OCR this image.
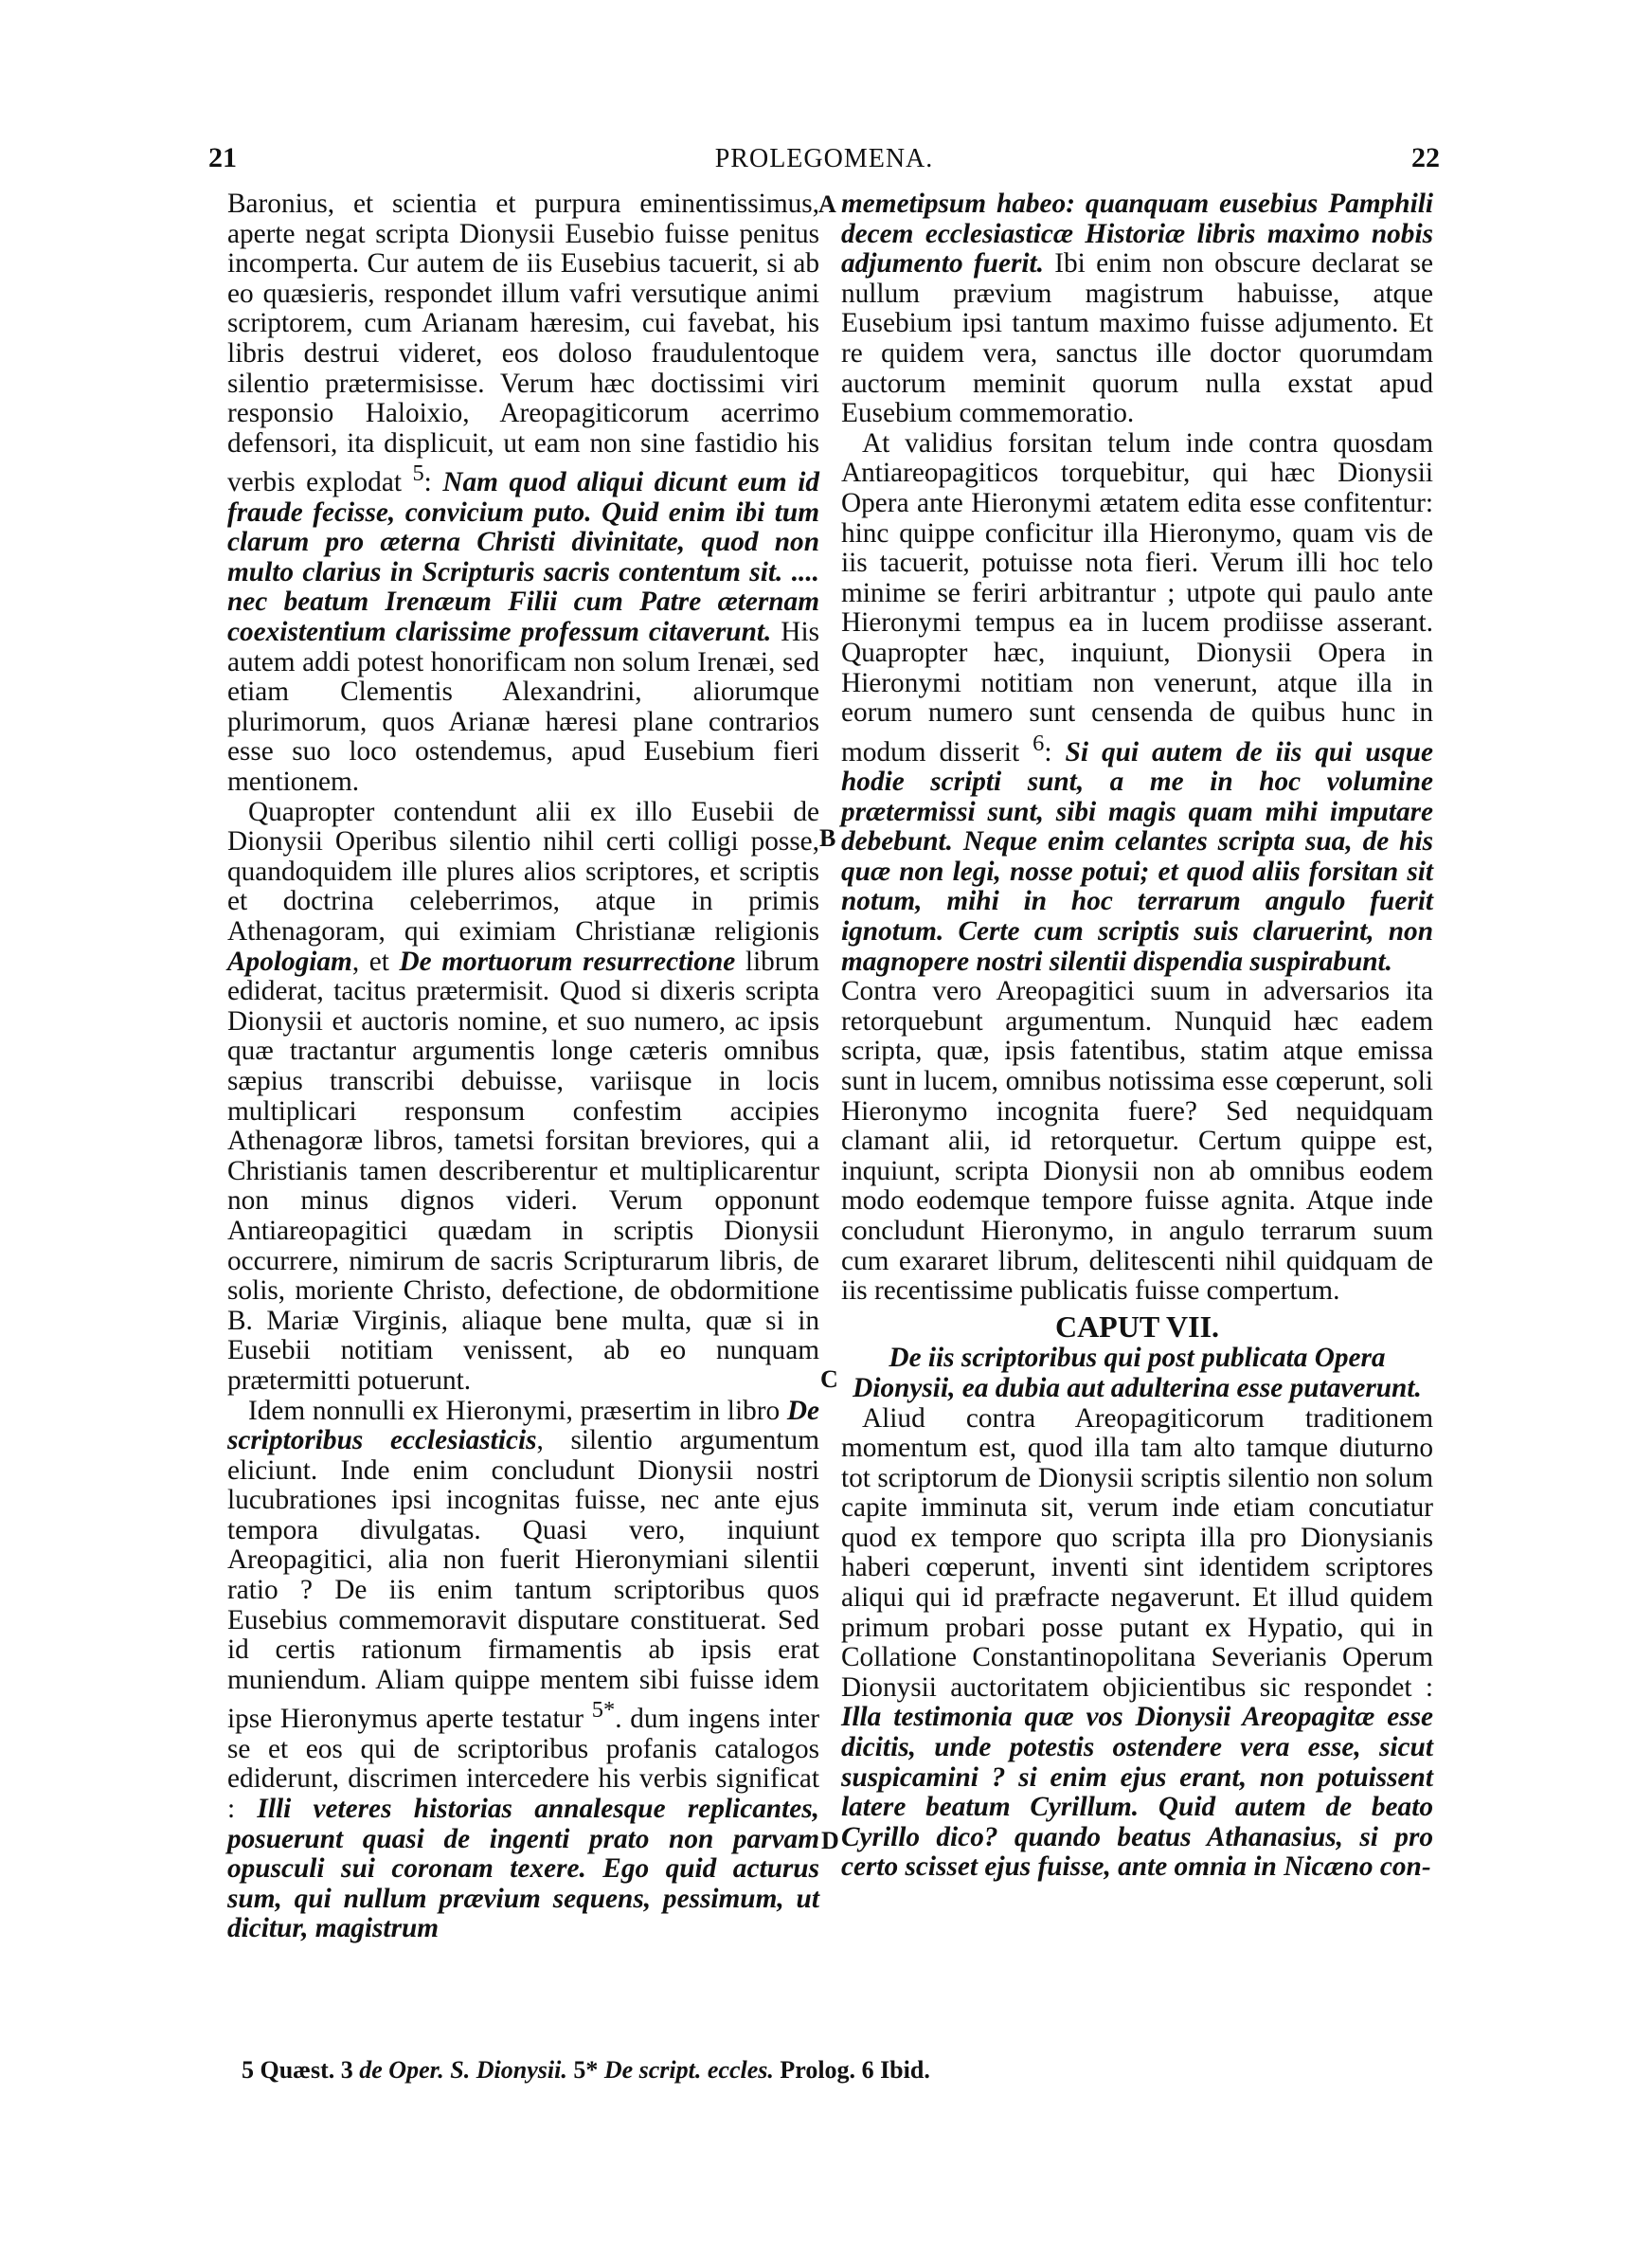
21	PROLEGOMENA.	22
A
B
C
D

Baronius, et scientia et purpura eminentissimus, aperte negat scripta Dionysii Eusebio fuisse penitus incomperta. Cur autem de iis Eusebius tacuerit, si ab eo quæsieris, respondet illum vafri versutique animi scriptorem, cum Arianam hæresim, cui favebat, his libris destrui videret, eos doloso fraudulentoque silentio prætermisisse. Verum hæc doctissimi viri responsio Haloixio, Areopagiticorum acerrimo defensori, ita displicuit, ut eam non sine fastidio his verbis explodat $^5$: Nam quod aliqui dicunt eum id fraude fecisse, convicium puto. Quid enim ibi tum clarum pro æterna Christi divinitate, quod non multo clarius in Scripturis sacris contentum sit. .... nec beatum Irenæum Filii cum Patre æternam coexistentium clarissime professum citaverunt. His autem addi potest honorificam non solum Irenæi, sed etiam Clementis Alexandrini, aliorumque plurimorum, quos Arianæ hæresi plane contrarios esse suo loco ostendemus, apud Eusebium fieri mentionem.

Quapropter contendunt alii ex illo Eusebii de Dionysii Operibus silentio nihil certi colligi posse, quandoquidem ille plures alios scriptores, et scriptis et doctrina celeberrimos, atque in primis Athenagoram, qui eximiam Christianæ religionis Apologiam, et De mortuorum resurrectione librum ediderat, tacitus prætermisit. Quod si dixeris scripta Dionysii et auctoris nomine, et suo numero, ac ipsis quæ tractantur argumentis longe cæteris omnibus sæpius transcribi debuisse, variisque in locis multiplicari responsum confestim accipies Athenagoræ libros, tametsi forsitan breviores, qui a Christianis tamen describerentur et multiplicarentur non minus dignos videri. Verum opponunt Antiareopagitici quædam in scriptis Dionysii occurrere, nimirum de sacris Scripturarum libris, de solis, moriente Christo, defectione, de obdormitione B. Mariæ Virginis, aliaque bene multa, quæ si in Eusebii notitiam venissent, ab eo nunquam prætermitti potuerunt.

Idem nonnulli ex Hieronymi, præsertim in libro De scriptoribus ecclesiasticis, silentio argumentum eliciunt. Inde enim concludunt Dionysii nostri lucubrationes ipsi incognitas fuisse, nec ante ejus tempora divulgatas. Quasi vero, inquiunt Areopagitici, alia non fuerit Hieronymiani silentii ratio ? De iis enim tantum scriptoribus quos Eusebius commemoravit disputare constituerat. Sed id certis rationum firmamentis ab ipsis erat muniendum. Aliam quippe mentem sibi fuisse idem ipse Hieronymus aperte testatur $^{5*}$. dum ingens inter se et eos qui de scriptoribus profanis catalogos ediderunt, discrimen intercedere his verbis significat : Illi veteres historias annalesque replicantes, posuerunt quasi de ingenti prato non parvam opusculi sui coronam texere. Ego quid acturus sum, qui nullum prævium sequens, pessimum, ut dicitur, magistrum

memetipsum habeo: quanquam eusebius Pamphili decem ecclesiasticæ Historiæ libris maximo nobis adjumento fuerit. Ibi enim non obscure declarat se nullum prævium magistrum habuisse, atque Eusebium ipsi tantum maximo fuisse adjumento. Et re quidem vera, sanctus ille doctor quorumdam auctorum meminit quorum nulla exstat apud Eusebium commemoratio.

At validius forsitan telum inde contra quosdam Antiareopagiticos torquebitur, qui hæc Dionysii Opera ante Hieronymi ætatem edita esse confitentur: hinc quippe conficitur illa Hieronymo, quam vis de iis tacuerit, potuisse nota fieri. Verum illi hoc telo minime se feriri arbitrantur ; utpote qui paulo ante Hieronymi tempus ea in lucem prodiisse asserant. Quapropter hæc, inquiunt, Dionysii Opera in Hieronymi notitiam non venerunt, atque illa in eorum numero sunt censenda de quibus hunc in modum disserit $^6$: Si qui autem de iis qui usque hodie scripti sunt, a me in hoc volumine prætermissi sunt, sibi magis quam mihi imputare debebunt. Neque enim celantes scripta sua, de his quæ non legi, nosse potui; et quod aliis forsitan sit notum, mihi in hoc terrarum angulo fuerit ignotum. Certe cum scriptis suis claruerint, non magnopere nostri silentii dispendia suspirabunt.

Contra vero Areopagitici suum in adversarios ita retorquebunt argumentum. Nunquid hæc eadem scripta, quæ, ipsis fatentibus, statim atque emissa sunt in lucem, omnibus notissima esse cœperunt, soli Hieronymo incognita fuere? Sed nequidquam clamant alii, id retorquetur. Certum quippe est, inquiunt, scripta Dionysii non ab omnibus eodem modo eodemque tempore fuisse agnita. Atque inde concludunt Hieronymo, in angulo terrarum suum cum exararet librum, delitescenti nihil quidquam de iis recentissime publicatis fuisse compertum.

CAPUT VII.

De iis scriptoribus qui post publicata Opera Dionysii, ea dubia aut adulterina esse putaverunt.

Aliud contra Areopagiticorum traditionem momentum est, quod illa tam alto tamque diuturno tot scriptorum de Dionysii scriptis silentio non solum capite imminuta sit, verum inde etiam concutiatur quod ex tempore quo scripta illa pro Dionysianis haberi cœperunt, inventi sint identidem scriptores aliqui qui id præfracte negaverunt. Et illud quidem primum probari posse putant ex Hypatio, qui in Collatione Constantinopolitana Severianis Operum Dionysii auctoritatem objicientibus sic respondet : Illa testimonia quæ vos Dionysii Areopagitæ esse dicitis, unde potestis ostendere vera esse, sicut suspicamini ? si enim ejus erant, non potuissent latere beatum Cyrillum. Quid autem de beato Cyrillo dico? quando beatus Athanasius, si pro certo scisset ejus fuisse, ante omnia in Nicæno con-

5 Quæst. 3 de Oper. S. Dionysii. 5* De script. eccles. Prolog. 6 Ibid.
